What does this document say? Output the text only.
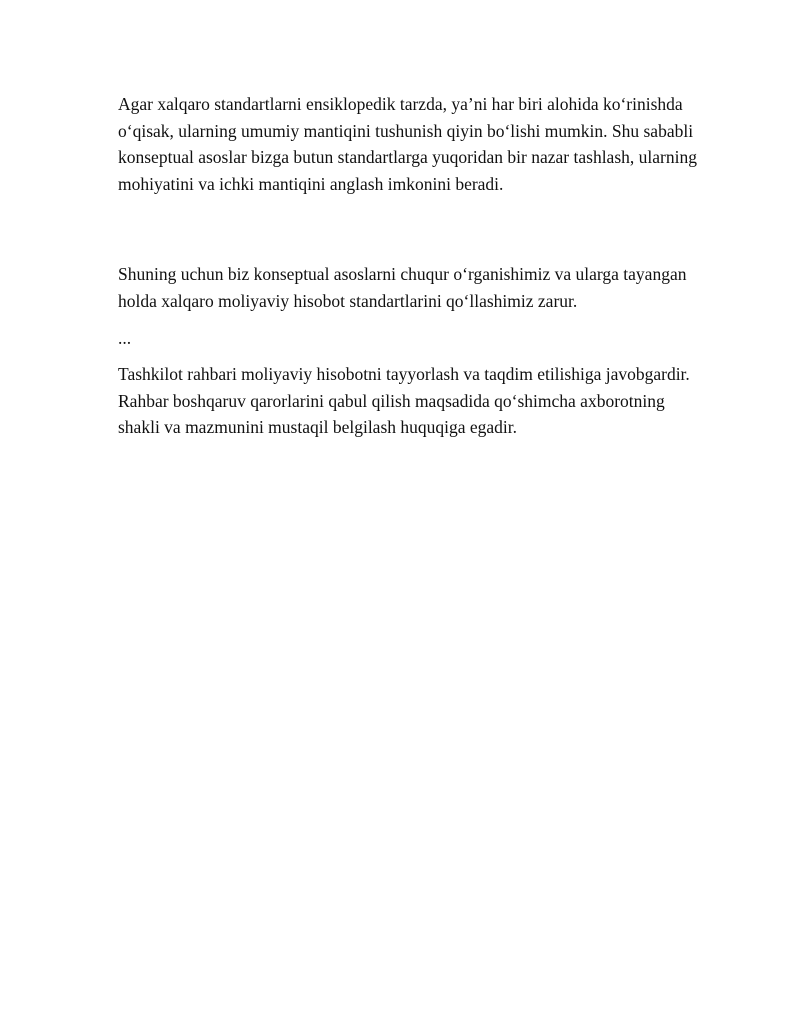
Agar xalqaro standartlarni ensiklopedik tarzda, ya’ni har biri alohida ko‘rinishda o‘qisak, ularning umumiy mantiqini tushunish qiyin bo‘lishi mumkin. Shu sababli konseptual asoslar bizga butun standartlarga yuqoridan bir nazar tashlash, ularning mohiyatini va ichki mantiqini anglash imkonini beradi.

Shuning uchun biz konseptual asoslarni chuqur o‘rganishimiz va ularga tayangan holda xalqaro moliyaviy hisobot standartlarini qo‘llashimiz zarur.

...

Tashkilot rahbari moliyaviy hisobotni tayyorlash va taqdim etilishiga javobgardir. Rahbar boshqaruv qarorlarini qabul qilish maqsadida qo‘shimcha axborotning shakli va mazmunini mustaqil belgilash huquqiga egadir.
